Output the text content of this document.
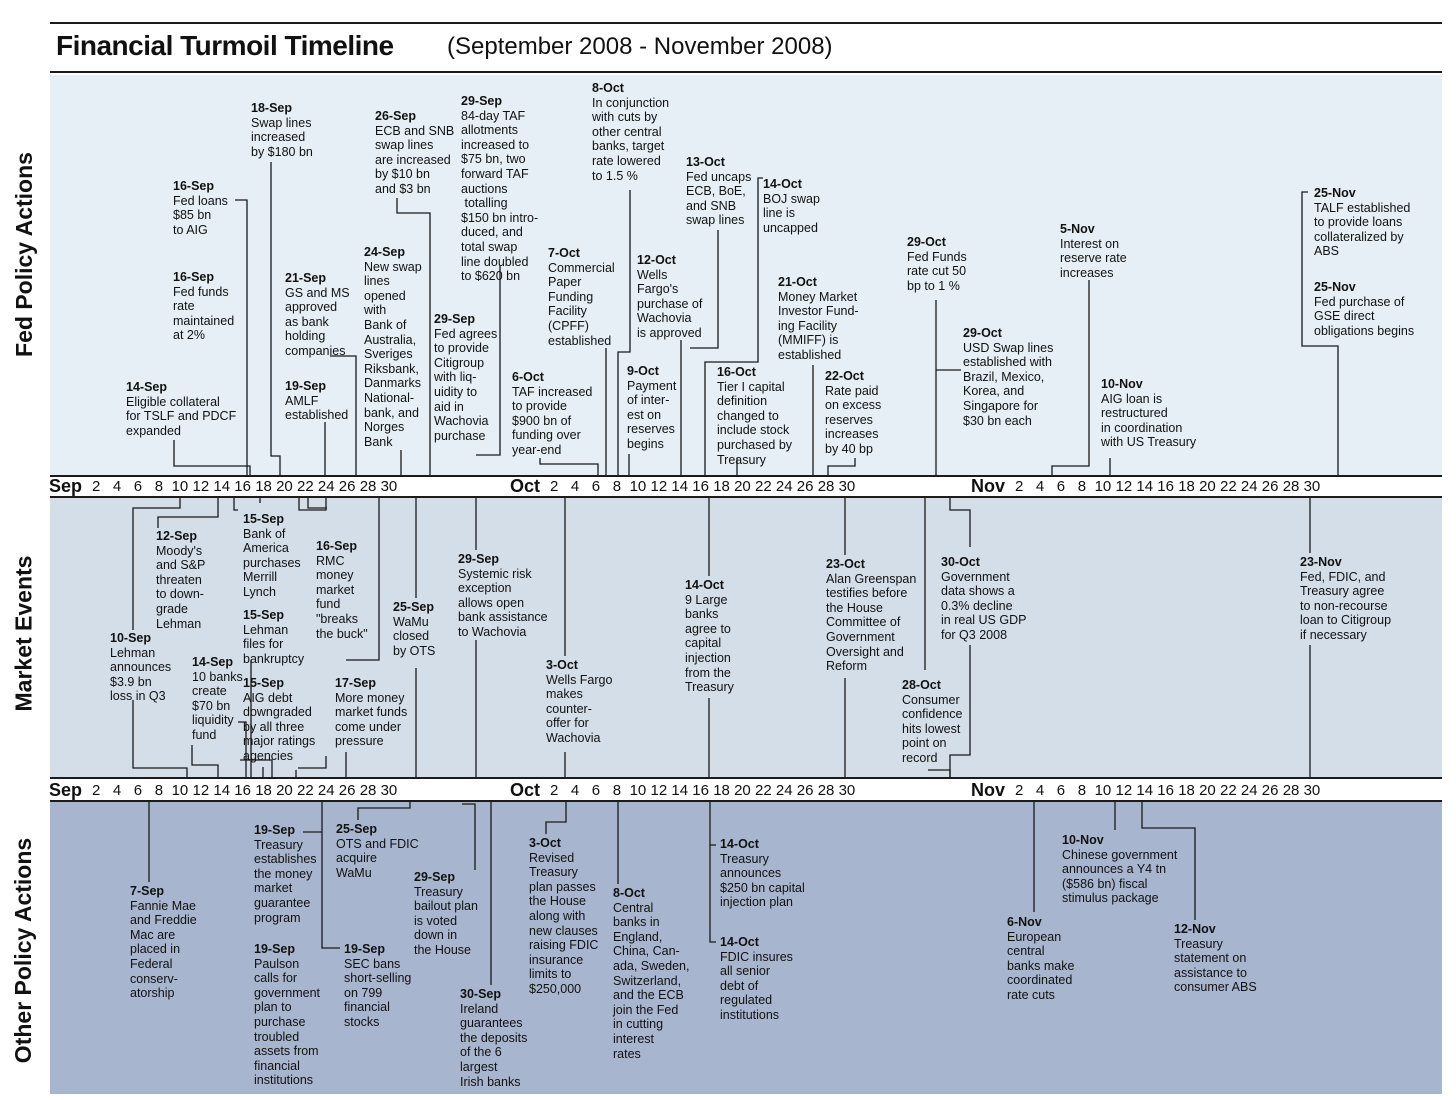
Financial Turmoil Timeline (September 2008 - November 2008)
Fed Policy Actions
Market Events
Other Policy Actions
Sep 2 4 6 8 10 12 14 16 18 20 22 24 26 28 30	Oct 2 4 6 8 10 12 14 16 18 20 22 24 26 28 30	Nov 2 4 6 8 10 12 14 16 18 20 22 24 26 28 30
Sep 2 4 6 8 10 12 14 16 18 20 22 24 26 28 30	Oct 2 4 6 8 10 12 14 16 18 20 22 24 26 28 30	Nov 2 4 6 8 10 12 14 16 18 20 22 24 26 28 30
14-Sep
Eligible collateral
for TSLF and PDCF
expanded
16-Sep
Fed loans
$85 bn
to AIG
16-Sep
Fed funds
rate
maintained
at 2%
18-Sep
Swap lines
increased
by $180 bn
21-Sep
GS and MS
approved
as bank
holding
companies
19-Sep
AMLF
established
24-Sep
New swap
lines
opened
with
Bank of
Australia,
Sveriges
Riksbank,
Danmarks
National-
bank, and
Norges
Bank
26-Sep
ECB and SNB
swap lines
are increased
by $10 bn
and $3 bn
29-Sep
84-day TAF
allotments
increased to
$75 bn, two
forward TAF
auctions
totalling
$150 bn intro-
duced, and
total swap
line doubled
to $620 bn
29-Sep
Fed agrees
to provide
Citigroup
with liq-
uidity to
aid in
Wachovia
purchase
6-Oct
TAF increased
to provide
$900 bn of
funding over
year-end
7-Oct
Commercial
Paper
Funding
Facility
(CPFF)
established
8-Oct
In conjunction
with cuts by
other central
banks, target
rate lowered
to 1.5 %
9-Oct
Payment
of inter-
est on
reserves
begins
12-Oct
Wells
Fargo's
purchase of
Wachovia
is approved
13-Oct
Fed uncaps
ECB, BoE,
and SNB
swap lines
14-Oct
BOJ swap
line is
uncapped
16-Oct
Tier I capital
definition
changed to
include stock
purchased by
Treasury
21-Oct
Money Market
Investor Fund-
ing Facility
(MMIFF) is
established
22-Oct
Rate paid
on excess
reserves
increases
by 40 bp
29-Oct
Fed Funds
rate cut 50
bp to 1 %
29-Oct
USD Swap lines
established with
Brazil, Mexico,
Korea, and
Singapore for
$30 bn each
5-Nov
Interest on
reserve rate
increases
10-Nov
AIG loan is
restructured
in coordination
with US Treasury
25-Nov
TALF established
to provide loans
collateralized by
ABS
25-Nov
Fed purchase of
GSE direct
obligations begins
12-Sep
Moody's
and S&P
threaten
to down-
grade
Lehman
10-Sep
Lehman
announces
$3.9 bn
loss in Q3
14-Sep
10 banks
create
$70 bn
liquidity
fund
15-Sep
Bank of
America
purchases
Merrill
Lynch
15-Sep
Lehman
files for
bankruptcy
15-Sep
AIG debt
downgraded
by all three
major ratings
agencies
16-Sep
RMC
money
market
fund
"breaks
the buck"
17-Sep
More money
market funds
come under
pressure
25-Sep
WaMu
closed
by OTS
29-Sep
Systemic risk
exception
allows open
bank assistance
to Wachovia
3-Oct
Wells Fargo
makes
counter-
offer for
Wachovia
14-Oct
9 Large
banks
agree to
capital
injection
from the
Treasury
23-Oct
Alan Greenspan
testifies before
the House
Committee of
Government
Oversight and
Reform
28-Oct
Consumer
confidence
hits lowest
point on
record
30-Oct
Government
data shows a
0.3% decline
in real US GDP
for Q3 2008
23-Nov
Fed, FDIC, and
Treasury agree
to non-recourse
loan to Citigroup
if necessary
7-Sep
Fannie Mae
and Freddie
Mac are
placed in
Federal
conserv-
atorship
19-Sep
Treasury
establishes
the money
market
guarantee
program
19-Sep
Paulson
calls for
government
plan to
purchase
troubled
assets from
financial
institutions
19-Sep
SEC bans
short-selling
on 799
financial
stocks
25-Sep
OTS and FDIC
acquire
WaMu	29-Sep
Treasury
bailout plan
is voted
down in
the House
30-Sep
Ireland
guarantees
the deposits
of the 6
largest
Irish banks
3-Oct
Revised
Treasury
plan passes
the House
along with
new clauses
raising FDIC
insurance
limits to
$250,000
8-Oct
Central
banks in
England,
China, Can-
ada, Sweden,
Switzerland,
and the ECB
join the Fed
in cutting
interest
rates
14-Oct
Treasury
announces
$250 bn capital
injection plan
14-Oct
FDIC insures
all senior
debt of
regulated
institutions
6-Nov
European
central
banks make
coordinated
rate cuts
10-Nov
Chinese government
announces a Y4 tn
($586 bn) fiscal
stimulus package
12-Nov
Treasury
statement on
assistance to
consumer ABS
